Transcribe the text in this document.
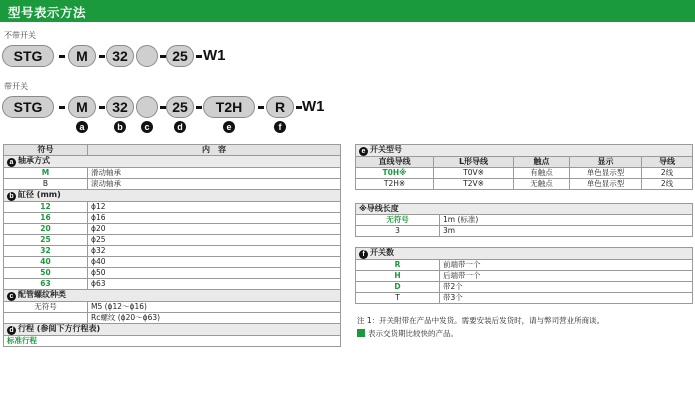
型号表示方法
不带开关
STG	M	32	25	W1
带开关
STG	M	32	25	T2H	R	W1
a	b	c	d	e	f
符号	内　容
a 轴承方式	
M	滑动轴承
B	滚动轴承
b 缸径 (mm)	
12	ϕ12
16	ϕ16
20	ϕ20
25	ϕ25
32	ϕ32
40	ϕ40
50	ϕ50
63	ϕ63
c 配管螺纹种类	
无符号	M5 (ϕ12～ϕ16)
	Rc螺纹 (ϕ20～ϕ63)
d 行程 (参阅下方行程表)	
标准行程	
e 开关型号				
直线导线	L形导线	触点	显示	导线
T0H※	T0V※	有触点	单色显示型	2线
T2H※	T2V※	无触点	单色显示型	2线
※导线长度	
无符号	1m (标准)
3	3m
f 开关数	
R	前端带一个
H	后端带一个
D	带2个
T	带3个
注 1：开关附带在产品中发货。需要安装后发货时，请与弊司营业所商谈。
表示交货期比较快的产品。
